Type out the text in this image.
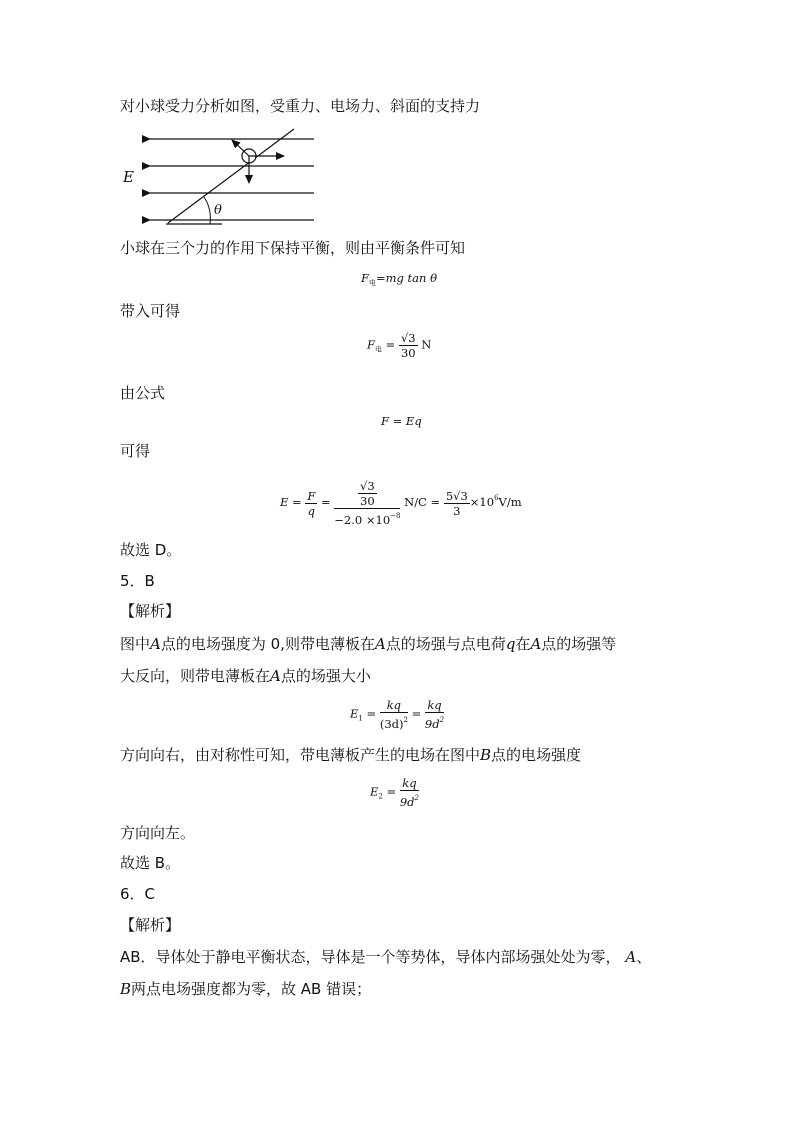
对小球受力分析如图，受重力、电场力、斜面的支持力
E
θ
小球在三个力的作用下保持平衡，则由平衡条件可知
$F_电=mg$ tan θ
带入可得
$F_电 = \frac{√3}{30}$ N
由公式
F = Eq
可得
$E = \frac{F}{q} = \frac{\frac{√3}{30}}{-2.0 \times 10^{-8}} N/C = \frac{5√3}{3} \times 10^6V/m$
故选 D。
5．B
【解析】
图中A点的电场强度为 0,则带电薄板在A点的场强与点电荷q在A点的场强等
大反向，则带电薄板在A点的场强大小
$E_1 = \frac{kq}{(3d)^2} = \frac{kq}{9d^2}$
方向向右，由对称性可知，带电薄板产生的电场在图中B点的电场强度
$E_2 = \frac{kq}{9d^2}$
方向向左。
故选 B。
6．C
【解析】
AB．导体处于静电平衡状态，导体是一个等势体，导体内部场强处处为零， A、
B两点电场强度都为零，故 AB 错误；
